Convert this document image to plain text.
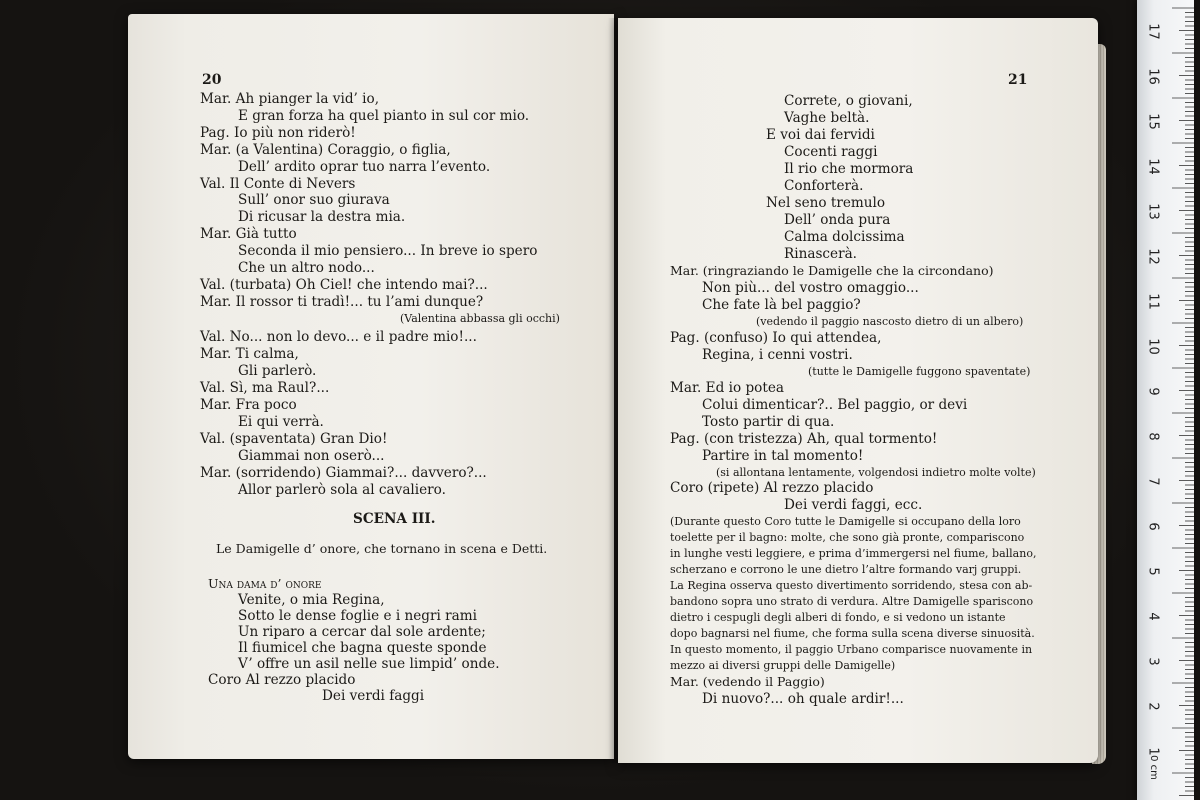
20
Mar. Ah pianger la vid’ io,
E gran forza ha quel pianto in sul cor mio.
Pag. Io più non riderò!
Mar. (a Valentina) Coraggio, o figlia,
Dell’ ardito oprar tuo narra l’evento.
Val. Il Conte di Nevers
Sull’ onor suo giurava
Di ricusar la destra mia.
Mar. Già tutto
Seconda il mio pensiero... In breve io spero
Che un altro nodo...
Val. (turbata) Oh Ciel! che intendo mai?...
Mar. Il rossor ti tradì!... tu l’ami dunque?
(Valentina abbassa gli occhi)
Val. No... non lo devo... e il padre mio!...
Mar. Ti calma,
Gli parlerò.
Val. Sì, ma Raul?...
Mar. Fra poco
Ei qui verrà.
Val. (spaventata) Gran Dio!
Giammai non oserò...
Mar. (sorridendo) Giammai?... davvero?...
Allor parlerò sola al cavaliero.
SCENA III.
Le Damigelle d’ onore, che tornano in scena e Detti.
Una dama d’ onore
Venite, o mia Regina,
Sotto le dense foglie e i negri rami
Un riparo a cercar dal sole ardente;
Il fiumicel che bagna queste sponde
V’ offre un asil nelle sue limpid’ onde.
Coro Al rezzo placido
Dei verdi faggi
21
Correte, o giovani,
Vaghe beltà.
E voi dai fervidi
Cocenti raggi
Il rio che mormora
Conforterà.
Nel seno tremulo
Dell’ onda pura
Calma dolcissima
Rinascerà.
Mar. (ringraziando le Damigelle che la circondano)
Non più... del vostro omaggio...
Che fate là bel paggio?
(vedendo il paggio nascosto dietro di un albero)
Pag. (confuso) Io qui attendea,
Regina, i cenni vostri.
(tutte le Damigelle fuggono spaventate)
Mar. Ed io potea
Colui dimenticar?.. Bel paggio, or devi
Tosto partir di qua.
Pag. (con tristezza) Ah, qual tormento!
Partire in tal momento!
(si allontana lentamente, volgendosi indietro molte volte)
Coro (ripete) Al rezzo placido
Dei verdi faggi, ecc.
(Durante questo Coro tutte le Damigelle si occupano della loro
toelette per il bagno: molte, che sono già pronte, compariscono
in lunghe vesti leggiere, e prima d’immergersi nel fiume, ballano,
scherzano e corrono le une dietro l’altre formando varj gruppi.
La Regina osserva questo divertimento sorridendo, stesa con ab-
bandono sopra uno strato di verdura. Altre Damigelle spariscono
dietro i cespugli degli alberi di fondo, e si vedono un istante
dopo bagnarsi nel fiume, che forma sulla scena diverse sinuosità.
In questo momento, il paggio Urbano comparisce nuovamente in
mezzo ai diversi gruppi delle Damigelle)
Mar. (vedendo il Paggio)
Di nuovo?... oh quale ardir!...
17
16
15
14
13
12
11
10
9
8
7
6
5
4
3
2
1
0 cm
